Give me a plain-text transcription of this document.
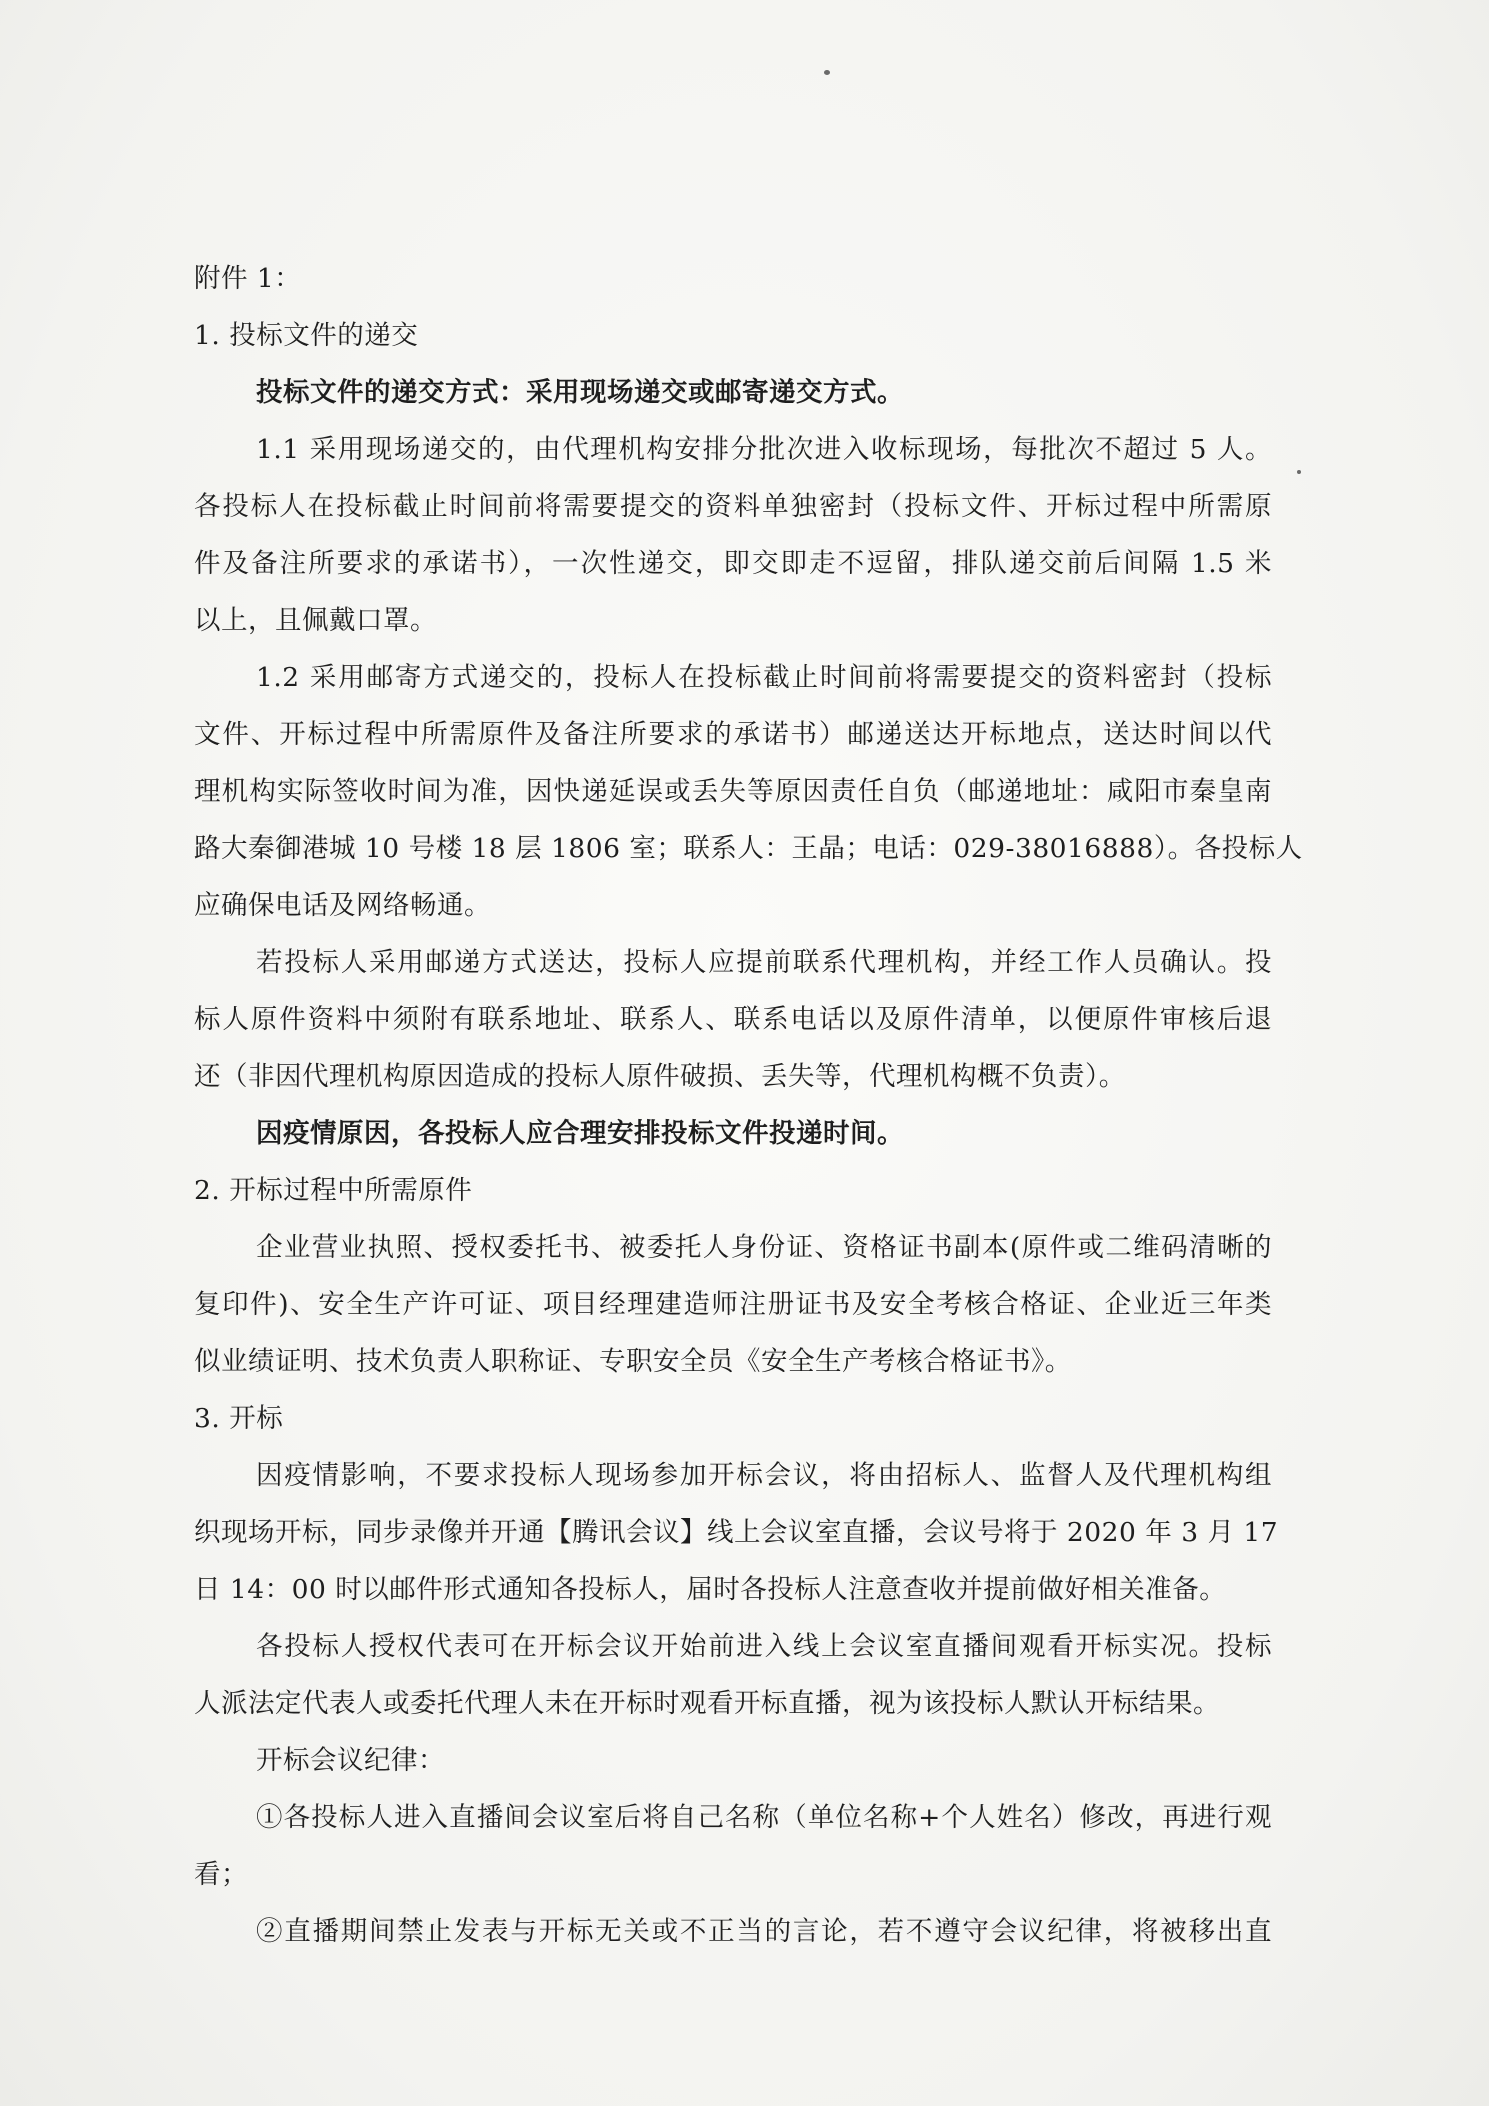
附件 1：
1. 投标文件的递交
投标文件的递交方式：采用现场递交或邮寄递交方式。
1.1 采用现场递交的，由代理机构安排分批次进入收标现场，每批次不超过 5 人。
各投标人在投标截止时间前将需要提交的资料单独密封（投标文件、开标过程中所需原
件及备注所要求的承诺书），一次性递交，即交即走不逗留，排队递交前后间隔 1.5 米
以上，且佩戴口罩。
1.2 采用邮寄方式递交的，投标人在投标截止时间前将需要提交的资料密封（投标
文件、开标过程中所需原件及备注所要求的承诺书）邮递送达开标地点，送达时间以代
理机构实际签收时间为准，因快递延误或丢失等原因责任自负（邮递地址：咸阳市秦皇南
路大秦御港城 10 号楼 18 层 1806 室；联系人：王晶；电话：029-38016888）。各投标人
应确保电话及网络畅通。
若投标人采用邮递方式送达，投标人应提前联系代理机构，并经工作人员确认。投
标人原件资料中须附有联系地址、联系人、联系电话以及原件清单，以便原件审核后退
还（非因代理机构原因造成的投标人原件破损、丢失等，代理机构概不负责）。
因疫情原因，各投标人应合理安排投标文件投递时间。
2. 开标过程中所需原件
企业营业执照、授权委托书、被委托人身份证、资格证书副本(原件或二维码清晰的
复印件)、安全生产许可证、项目经理建造师注册证书及安全考核合格证、企业近三年类
似业绩证明、技术负责人职称证、专职安全员《安全生产考核合格证书》。
3. 开标
因疫情影响，不要求投标人现场参加开标会议，将由招标人、监督人及代理机构组
织现场开标，同步录像并开通【腾讯会议】线上会议室直播，会议号将于 2020 年 3 月 17
日 14：00 时以邮件形式通知各投标人，届时各投标人注意查收并提前做好相关准备。
各投标人授权代表可在开标会议开始前进入线上会议室直播间观看开标实况。投标
人派法定代表人或委托代理人未在开标时观看开标直播，视为该投标人默认开标结果。
开标会议纪律：
①各投标人进入直播间会议室后将自己名称（单位名称+个人姓名）修改，再进行观
看；
②直播期间禁止发表与开标无关或不正当的言论，若不遵守会议纪律，将被移出直
